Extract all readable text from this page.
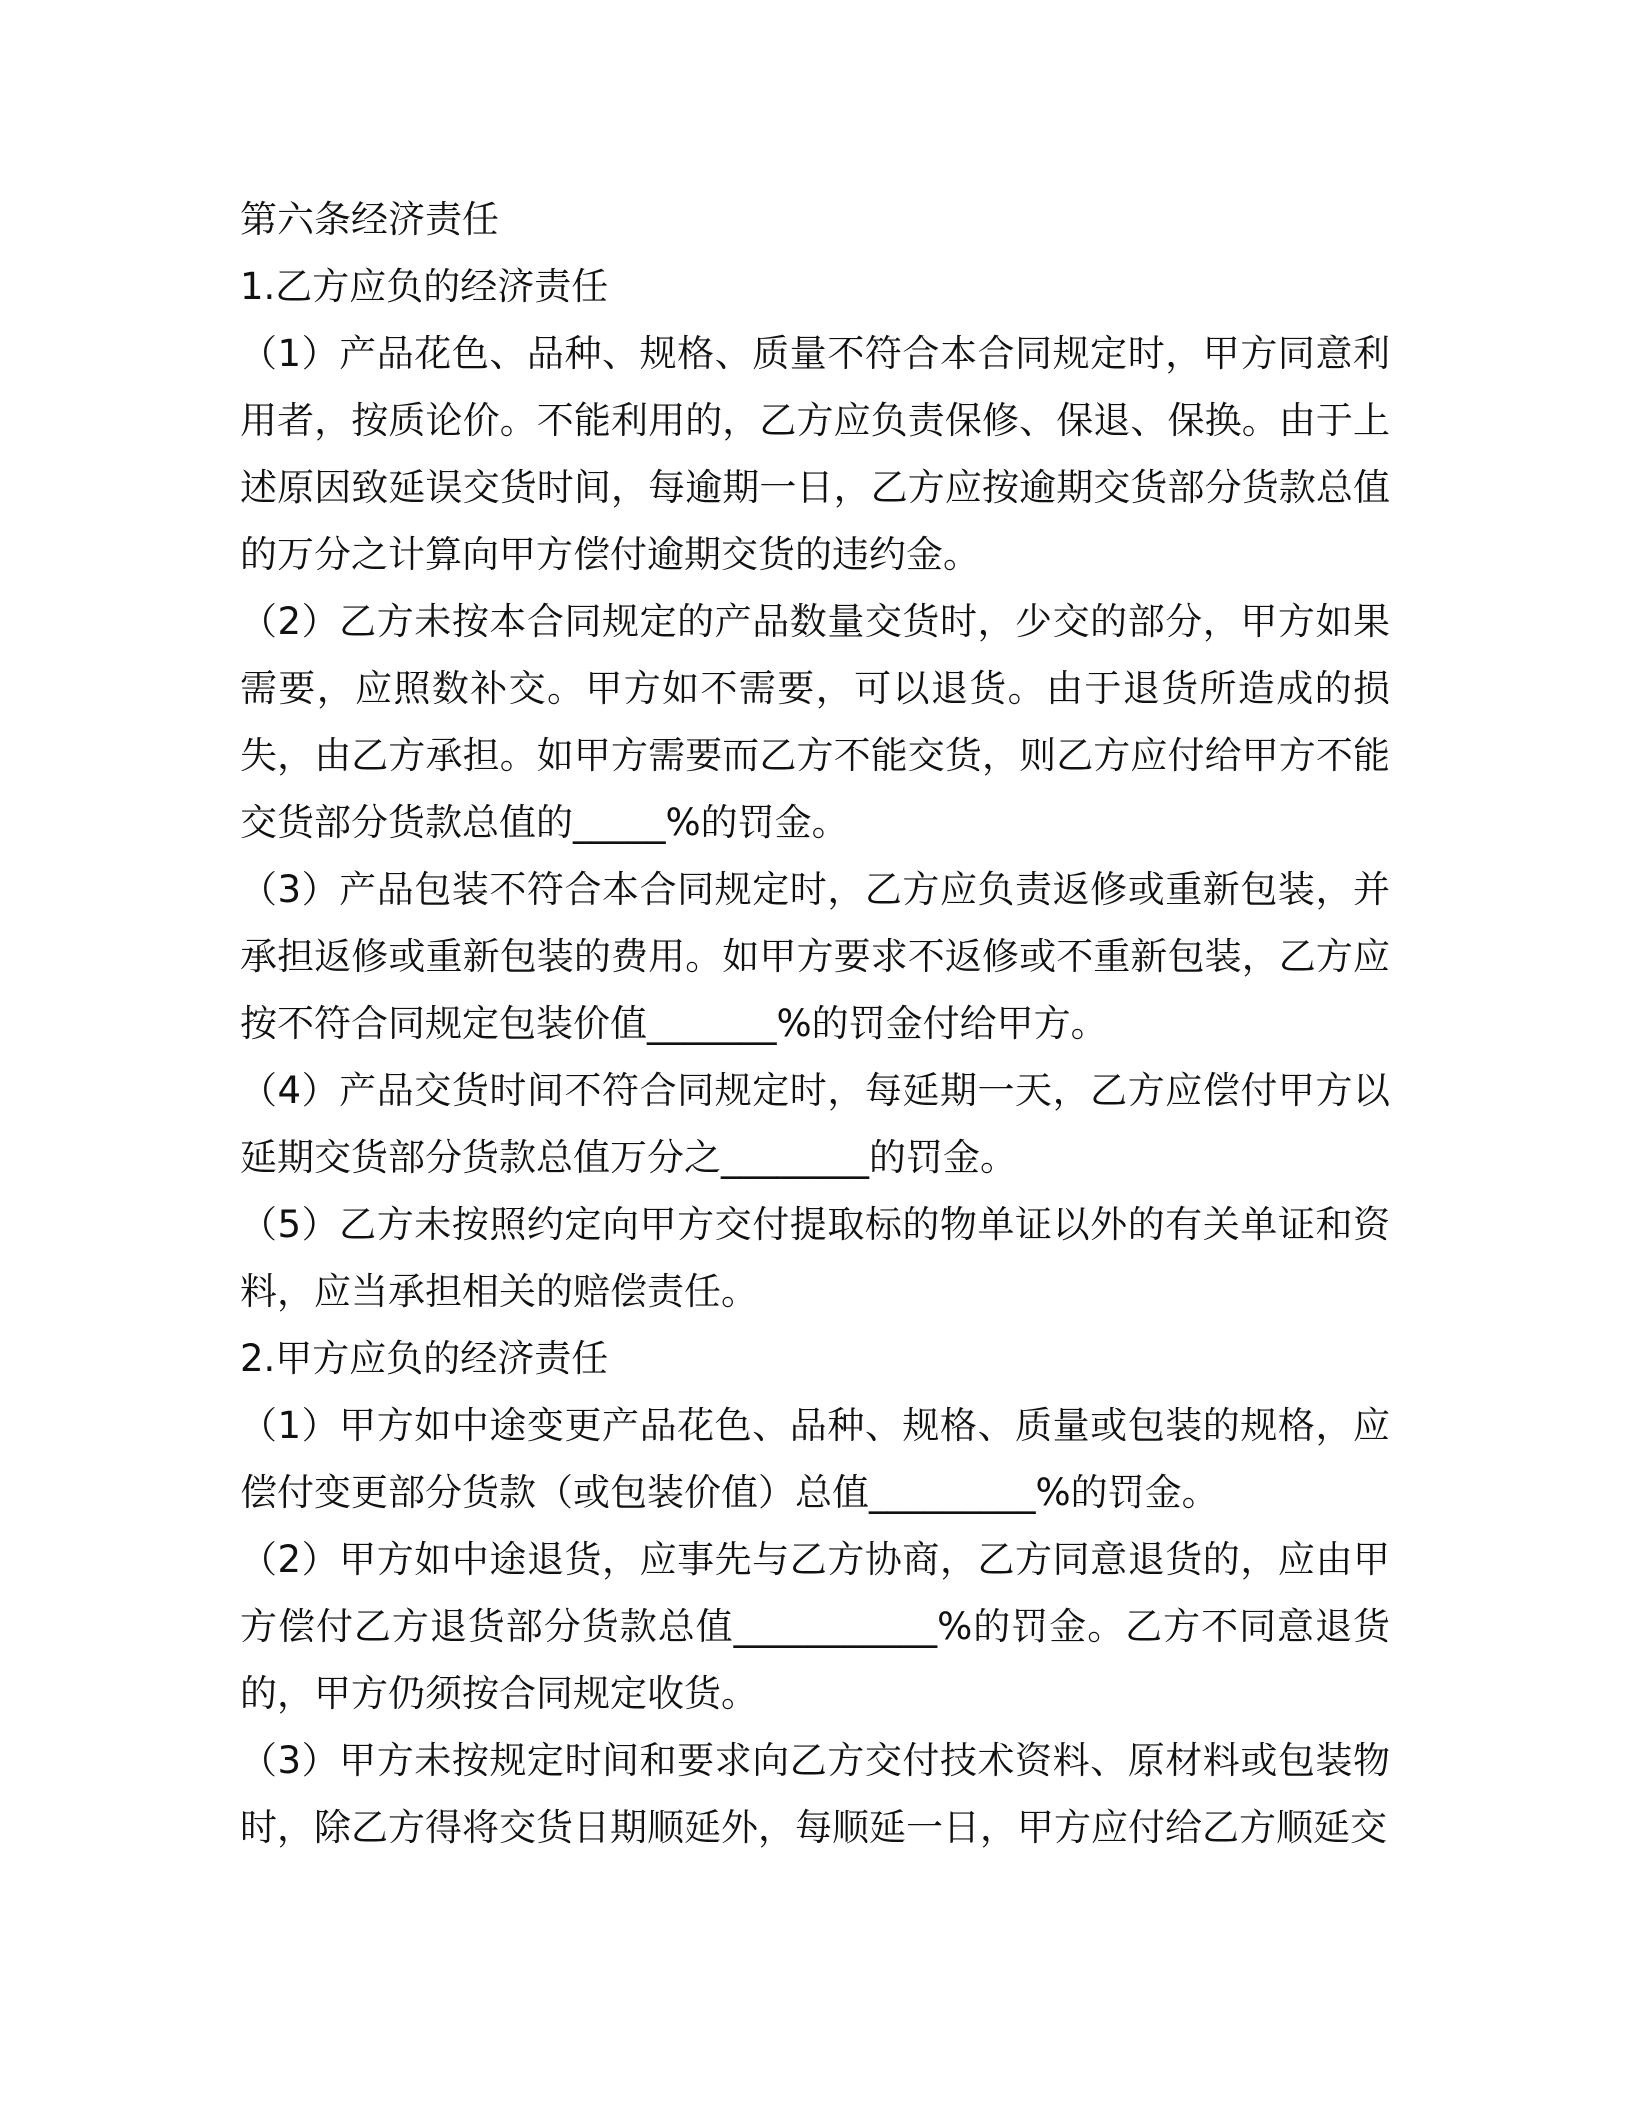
第六条经济责任
1.乙方应负的经济责任

（1）产品花色、品种、规格、质量不符合本合同规定时，甲方同意利用者，按质论价。不能利用的，乙方应负责保修、保退、保换。由于上述原因致延误交货时间，每逾期一日，乙方应按逾期交货部分货款总值的万分之计算向甲方偿付逾期交货的违约金。

（2）乙方未按本合同规定的产品数量交货时，少交的部分，甲方如果需要，应照数补交。甲方如不需要，可以退货。由于退货所造成的损失，由乙方承担。如甲方需要而乙方不能交货，则乙方应付给甲方不能交货部分货款总值的_____%的罚金。

（3）产品包装不符合本合同规定时，乙方应负责返修或重新包装，并承担返修或重新包装的费用。如甲方要求不返修或不重新包装，乙方应按不符合同规定包装价值_______%的罚金付给甲方。

（4）产品交货时间不符合同规定时，每延期一天，乙方应偿付甲方以延期交货部分货款总值万分之________的罚金。

（5）乙方未按照约定向甲方交付提取标的物单证以外的有关单证和资料，应当承担相关的赔偿责任。

2.甲方应负的经济责任

（1）甲方如中途变更产品花色、品种、规格、质量或包装的规格，应偿付变更部分货款（或包装价值）总值_________%的罚金。

（2）甲方如中途退货，应事先与乙方协商，乙方同意退货的，应由甲方偿付乙方退货部分货款总值___________%的罚金。乙方不同意退货的，甲方仍须按合同规定收货。

（3）甲方未按规定时间和要求向乙方交付技术资料、原材料或包装物时，除乙方得将交货日期顺延外，每顺延一日，甲方应付给乙方顺延交
